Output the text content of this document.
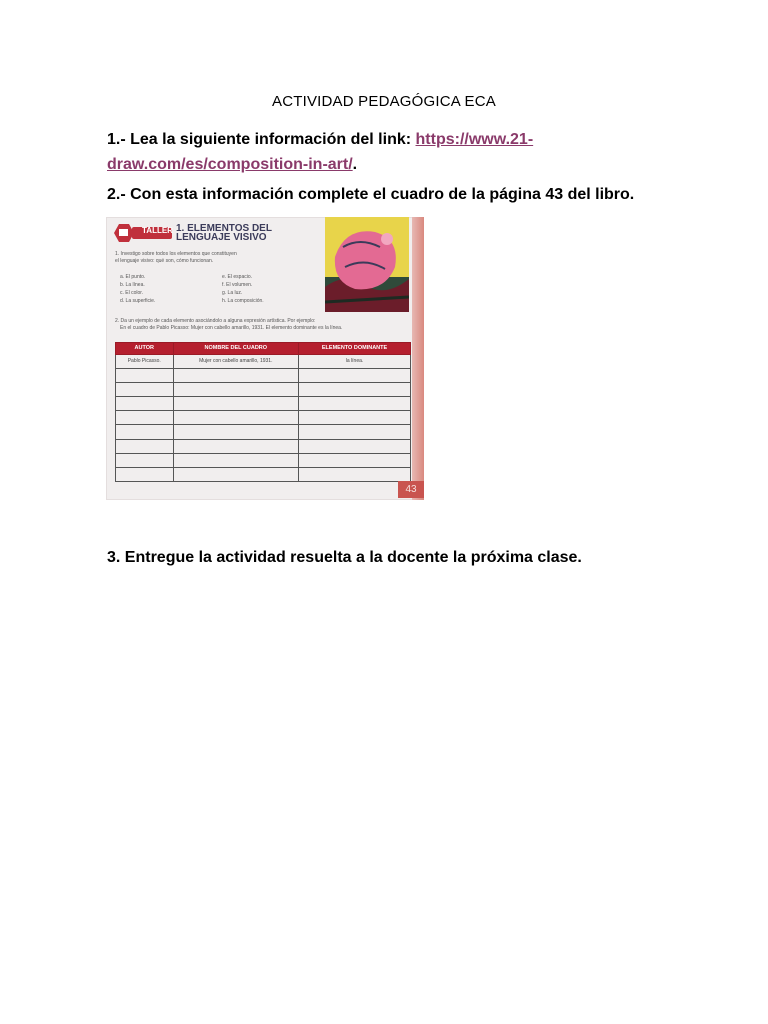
ACTIVIDAD PEDAGÓGICA ECA
1.- Lea la siguiente información del link: https://www.21-draw.com/es/composition-in-art/.
2.- Con esta información complete el cuadro de la página 43 del libro.
TALLER 1. ELEMENTOS DEL LENGUAJE VISIVO
1. Investigo sobre todos los elementos que constituyen
el lenguaje visivo: qué son, cómo funcionan.
a. El punto.
b. La línea.
c. El color.
d. La superficie.
e. El espacio.
f. El volumen.
g. La luz.
h. La composición.
2. Da un ejemplo de cada elemento asociándolo a alguna expresión artística. Por ejemplo:
En el cuadro de Pablo Picasso: Mujer con cabello amarillo, 1931. El elemento dominante es la línea.
AUTOR	NOMBRE DEL CUADRO	ELEMENTO DOMINANTE
Pablo Picasso.	Mujer con cabello amarillo, 1931.	la línea.

43
3. Entregue la actividad resuelta a la docente la próxima clase.
